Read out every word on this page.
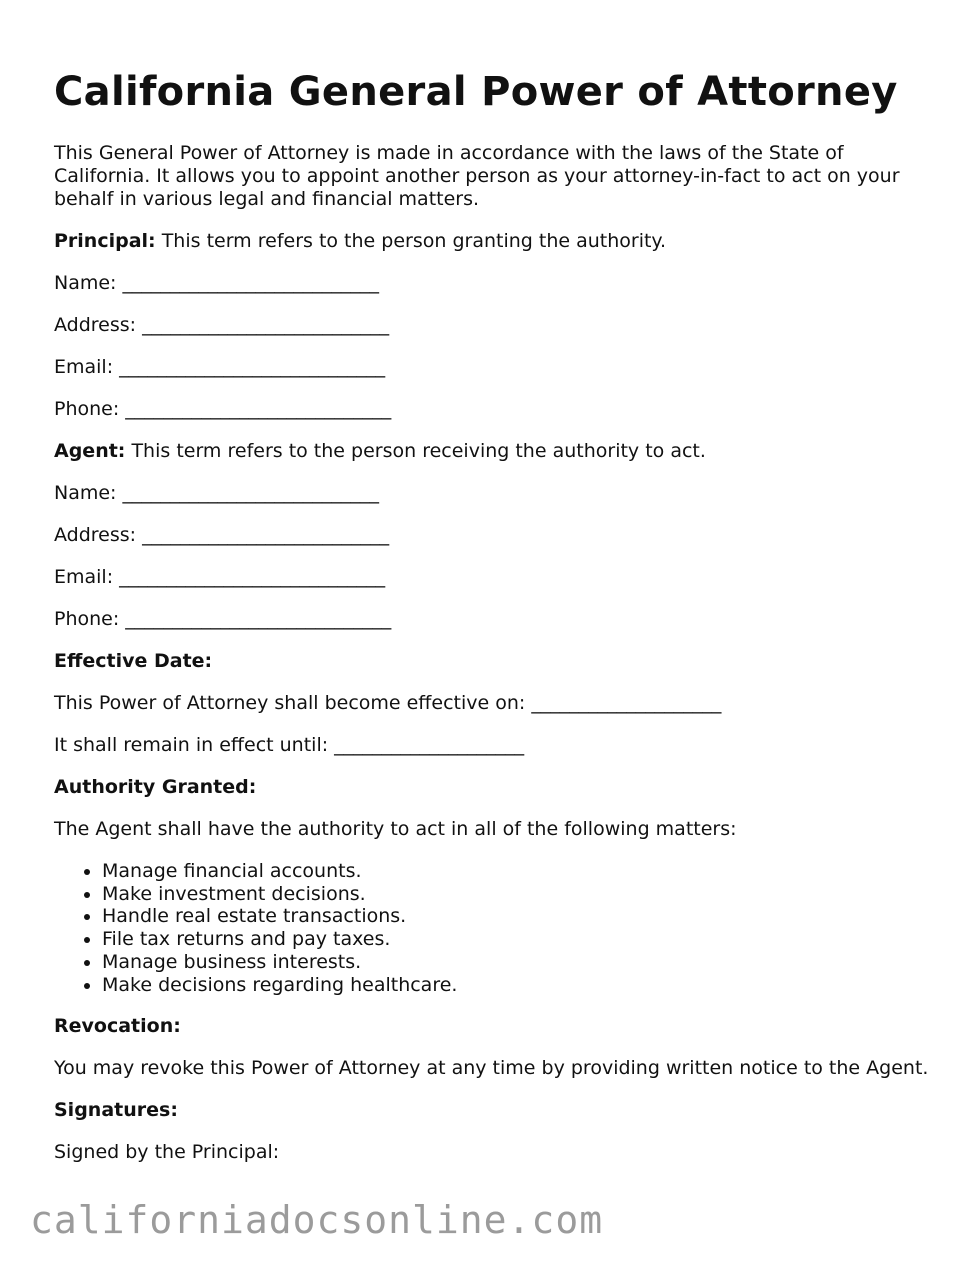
California General Power of Attorney

This General Power of Attorney is made in accordance with the laws of the State of California. It allows you to appoint another person as your attorney-in-fact to act on your behalf in various legal and financial matters.

Principal: This term refers to the person granting the authority.

Name: ___________________________

Address: __________________________

Email: ____________________________

Phone: ____________________________

Agent: This term refers to the person receiving the authority to act.

Name: ___________________________

Address: __________________________

Email: ____________________________

Phone: ____________________________

Effective Date:

This Power of Attorney shall become effective on: ____________________

It shall remain in effect until: ____________________

Authority Granted:

The Agent shall have the authority to act in all of the following matters:

• Manage financial accounts.
• Make investment decisions.
• Handle real estate transactions.
• File tax returns and pay taxes.
• Manage business interests.
• Make decisions regarding healthcare.

Revocation:

You may revoke this Power of Attorney at any time by providing written notice to the Agent.

Signatures:

Signed by the Principal:

californiadocsonline.com
